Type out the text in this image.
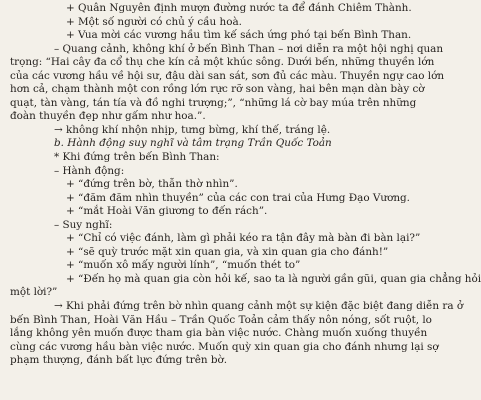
+ Quân Nguyên định mượn đường nước ta để đánh Chiêm Thành.
+ Một số người có chủ ý cầu hoà.
+ Vua mời các vương hầu tìm kế sách ứng phó tại bến Bình Than.
– Quang cảnh, không khí ở bến Bình Than – nơi diễn ra một hội nghị quan
trọng: “Hai cây đa cổ thụ che kín cả một khúc sông. Dưới bến, những thuyền lớn
của các vương hầu về hội sư, đậu dài san sát, sơn đủ các màu. Thuyền ngự cao lớn
hơn cả, chạm thành một con rồng lớn rực rỡ son vàng, hai bên mạn dàn bày cờ
quạt, tàn vàng, tán tía và đồ nghi trượng;”, “những lá cờ bay múa trên những
đoàn thuyền đẹp như gấm như hoa.”.
→ không khí nhộn nhịp, tưng bừng, khí thế, tráng lệ.
b. Hành động suy nghĩ và tâm trạng Trần Quốc Toản
* Khi đứng trên bến Bình Than:
– Hành động:
+ “đứng trên bờ, thẫn thờ nhìn”.
+ “đăm đăm nhìn thuyền” của các con trai của Hưng Đạo Vương.
+ “mắt Hoài Văn giương to đến rách”.
– Suy nghĩ:
+ “Chỉ có việc đánh, làm gì phải kéo ra tận đây mà bàn đi bàn lại?”
+ “sẽ quỳ trước mặt xin quan gia, và xin quan gia cho đánh!”
+ “muốn xô mấy người lính”, “muốn thét to”
+ “Đến họ mà quan gia còn hỏi kế, sao ta là người gần gũi, quan gia chẳng hỏi
một lời?”
→ Khi phải đứng trên bờ nhìn quang cảnh một sự kiện đặc biệt đang diễn ra ở
bến Bình Than, Hoài Văn Hầu – Trần Quốc Toản cảm thấy nôn nóng, sốt ruột, lo
lắng không yên muốn được tham gia bàn việc nước. Chàng muốn xuống thuyền
cùng các vương hầu bàn việc nước. Muốn quỳ xin quan gia cho đánh nhưng lại sợ
phạm thượng, đánh bất lực đứng trên bờ.
